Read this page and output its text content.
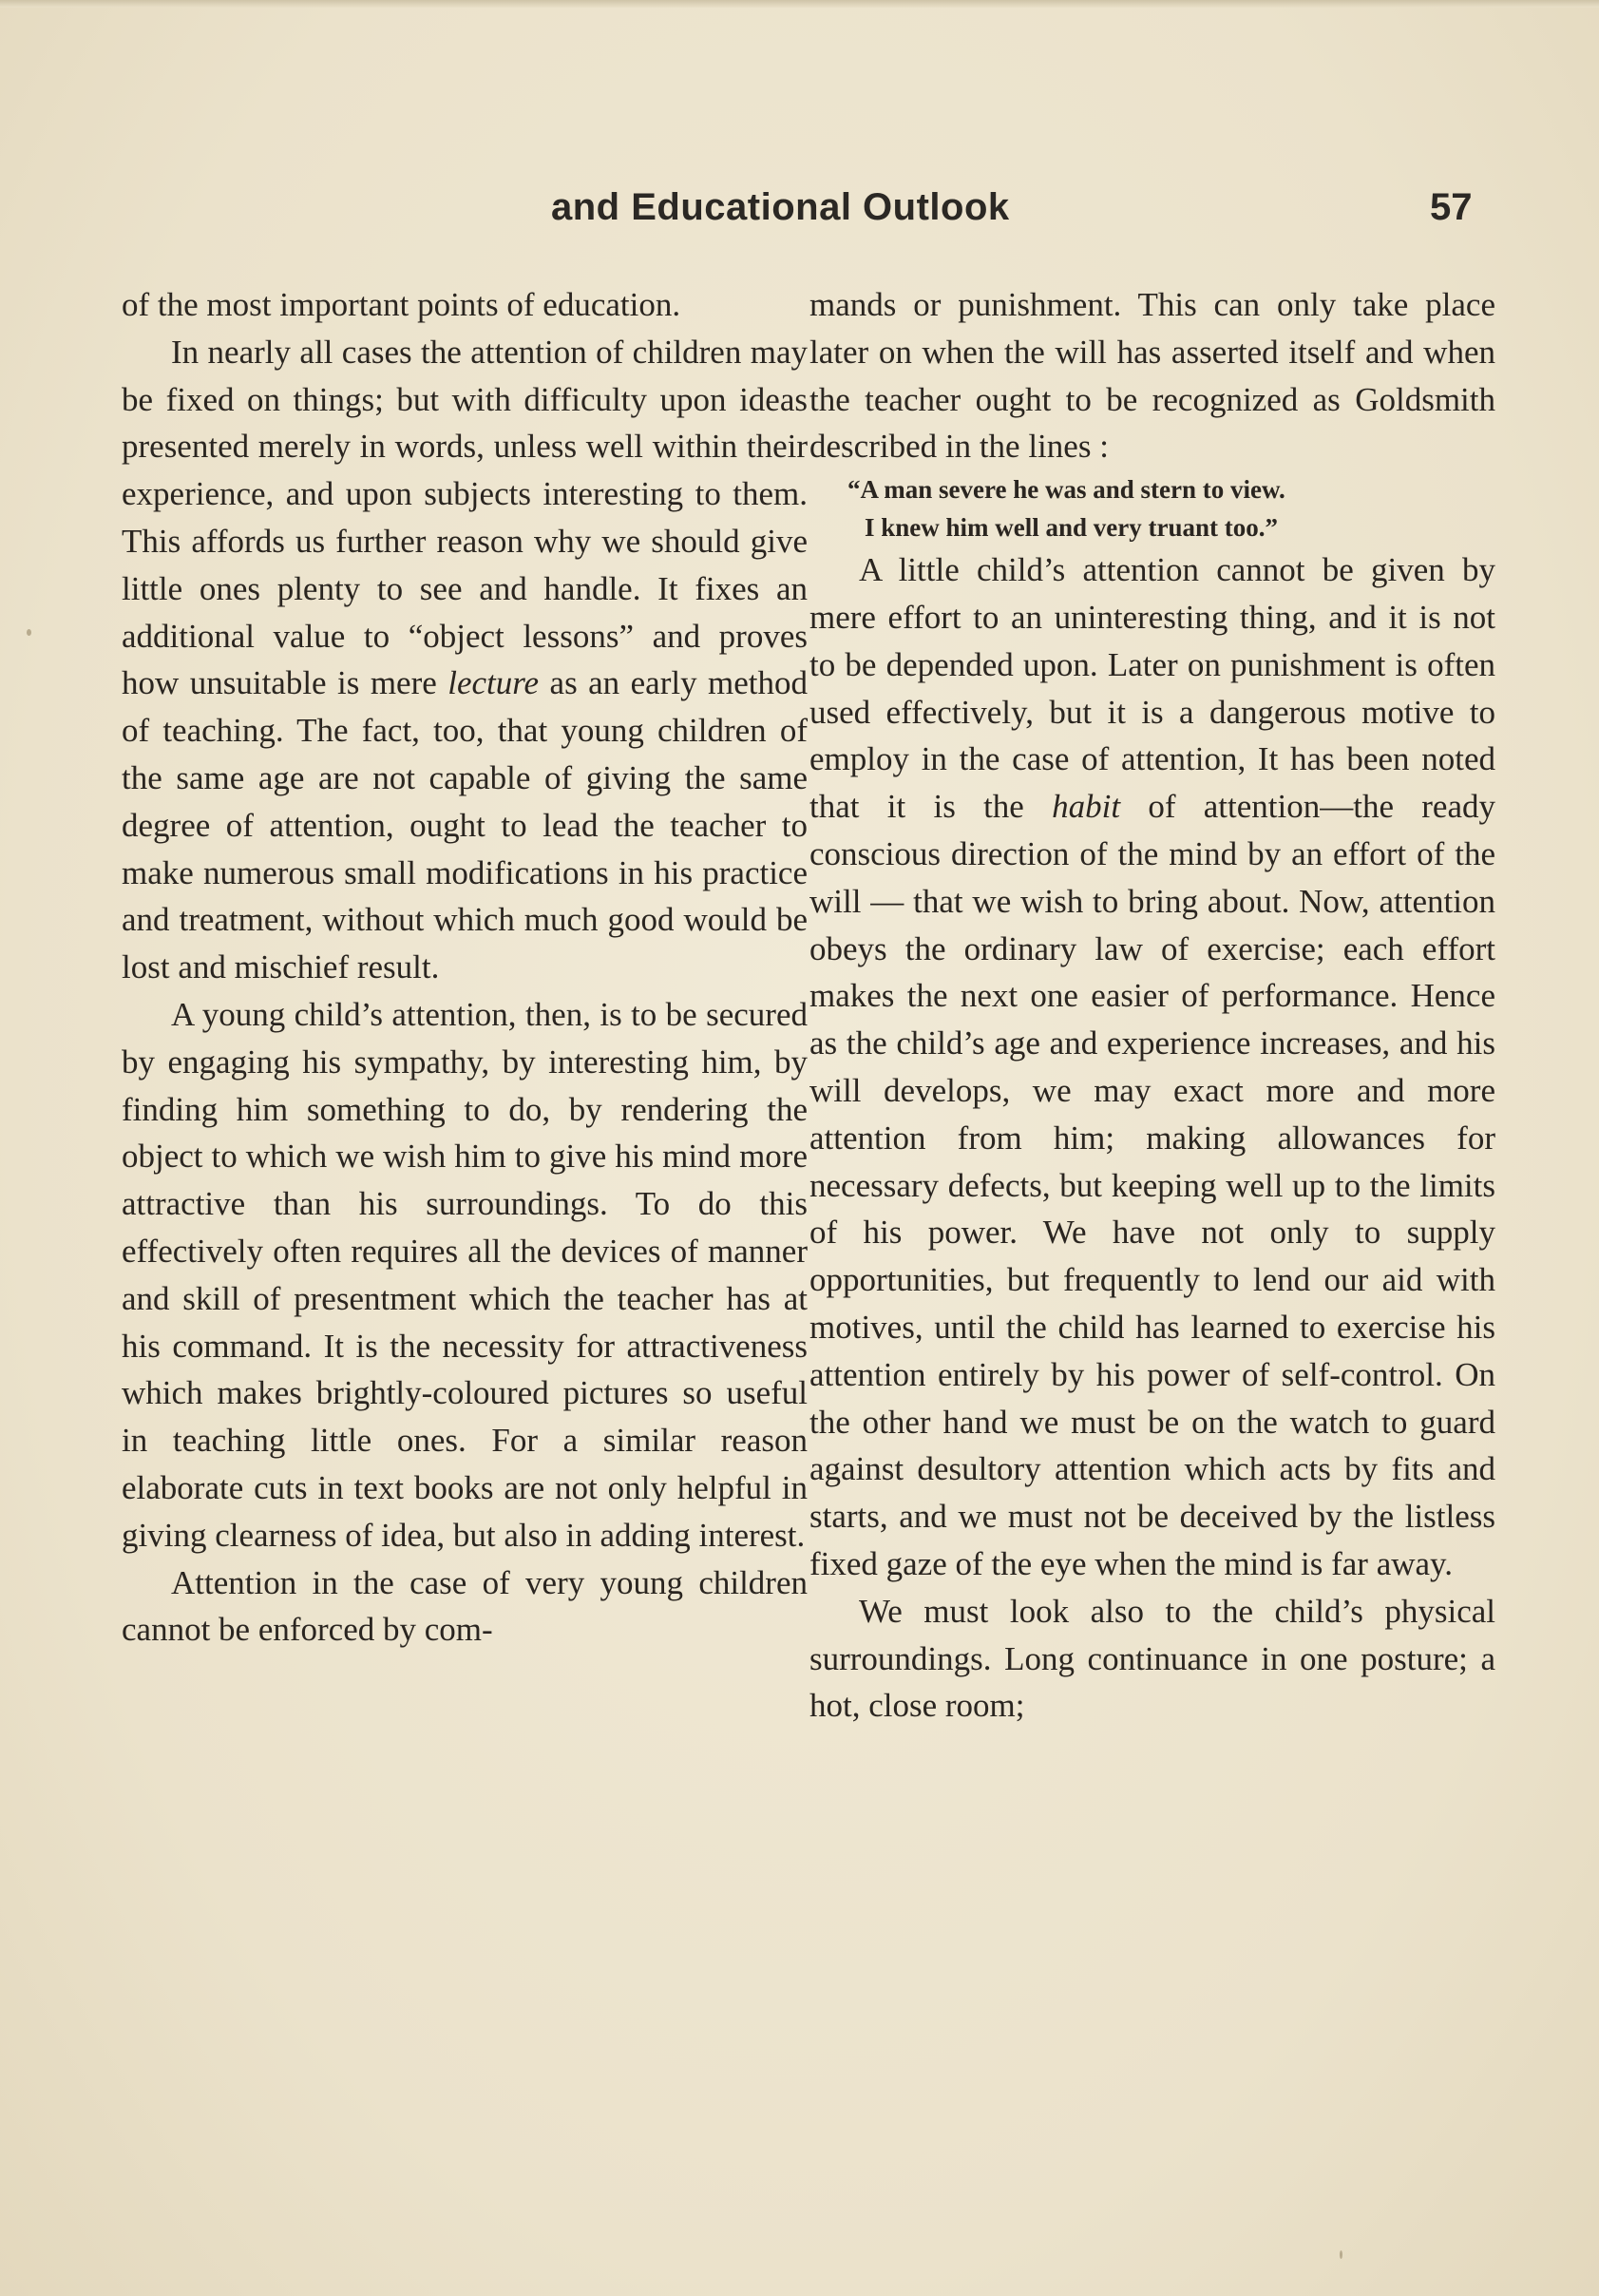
and Educational Outlook	57

of the most important points of education.

In nearly all cases the attention of children may be fixed on things; but with difficulty upon ideas presented merely in words, unless well within their experience, and upon subjects interesting to them. This affords us further reason why we should give little ones plenty to see and handle. It fixes an additional value to “object lessons” and proves how unsuitable is mere lecture as an early method of teaching. The fact, too, that young children of the same age are not capable of giving the same degree of attention, ought to lead the teacher to make numerous small modifications in his practice and treatment, without which much good would be lost and mischief result.

A young child’s attention, then, is to be secured by engaging his sympathy, by interesting him, by finding him something to do, by rendering the object to which we wish him to give his mind more attractive than his surroundings. To do this effectively often requires all the devices of manner and skill of presentment which the teacher has at his command. It is the necessity for attractiveness which makes brightly-coloured pictures so useful in teaching little ones. For a similar reason elaborate cuts in text books are not only helpful in giving clearness of idea, but also in adding interest.

Attention in the case of very young children cannot be enforced by com-

mands or punishment. This can only take place later on when the will has asserted itself and when the teacher ought to be recognized as Goldsmith described in the lines :

“A man severe he was and stern to view.
I knew him well and very truant too.”

A little child’s attention cannot be given by mere effort to an uninteresting thing, and it is not to be depended upon. Later on punishment is often used effectively, but it is a dangerous motive to employ in the case of attention, It has been noted that it is the habit of attention—the ready conscious direction of the mind by an effort of the will — that we wish to bring about. Now, attention obeys the ordinary law of exercise; each effort makes the next one easier of performance. Hence as the child’s age and experience increases, and his will develops, we may exact more and more attention from him; making allowances for necessary defects, but keeping well up to the limits of his power. We have not only to supply opportunities, but frequently to lend our aid with motives, until the child has learned to exercise his attention entirely by his power of self-control. On the other hand we must be on the watch to guard against desultory attention which acts by fits and starts, and we must not be deceived by the listless fixed gaze of the eye when the mind is far away.

We must look also to the child’s physical surroundings. Long continuance in one posture; a hot, close room;
